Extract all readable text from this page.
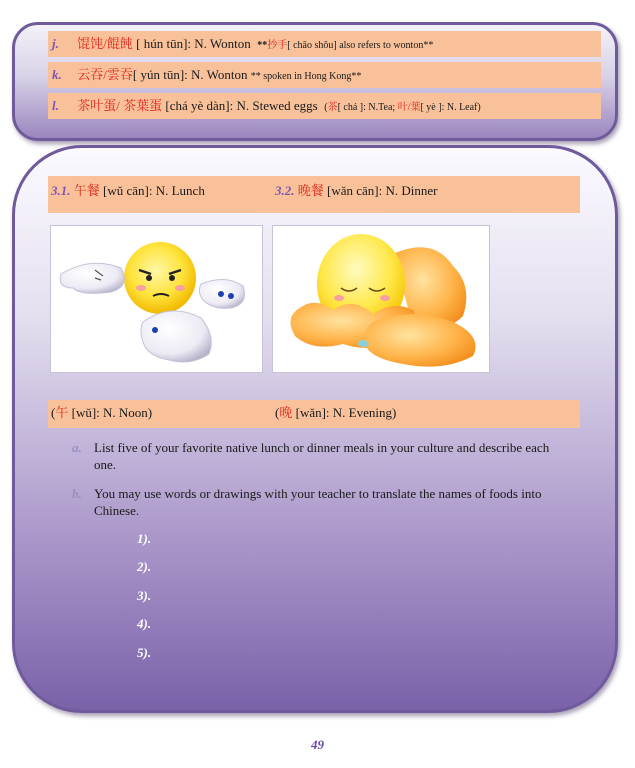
j. 馄饨/餛飩 [ hún tūn]: N. Wonton **抄手[ chāo shǒu] also refers to wonton**
k. 云吞/雲吞[ yún tūn]: N. Wonton ** spoken in Hong Kong**
l. 茶叶蛋/ 茶葉蛋 [chá yè dàn]: N. Stewed eggs (茶[ chá ]: N.Tea; 叶/葉[ yè ]: N. Leaf)
3.1. 午餐 [wǔ cān]: N. Lunch	3.2. 晚餐 [wǎn cān]: N. Dinner
(午 [wǔ]: N. Noon)	(晚 [wǎn]: N. Evening)
a. List five of your favorite native lunch or dinner meals in your culture and describe each one.
b. You may use words or drawings with your teacher to translate the names of foods into Chinese.
1).
2).
3).
4).
5).
49
